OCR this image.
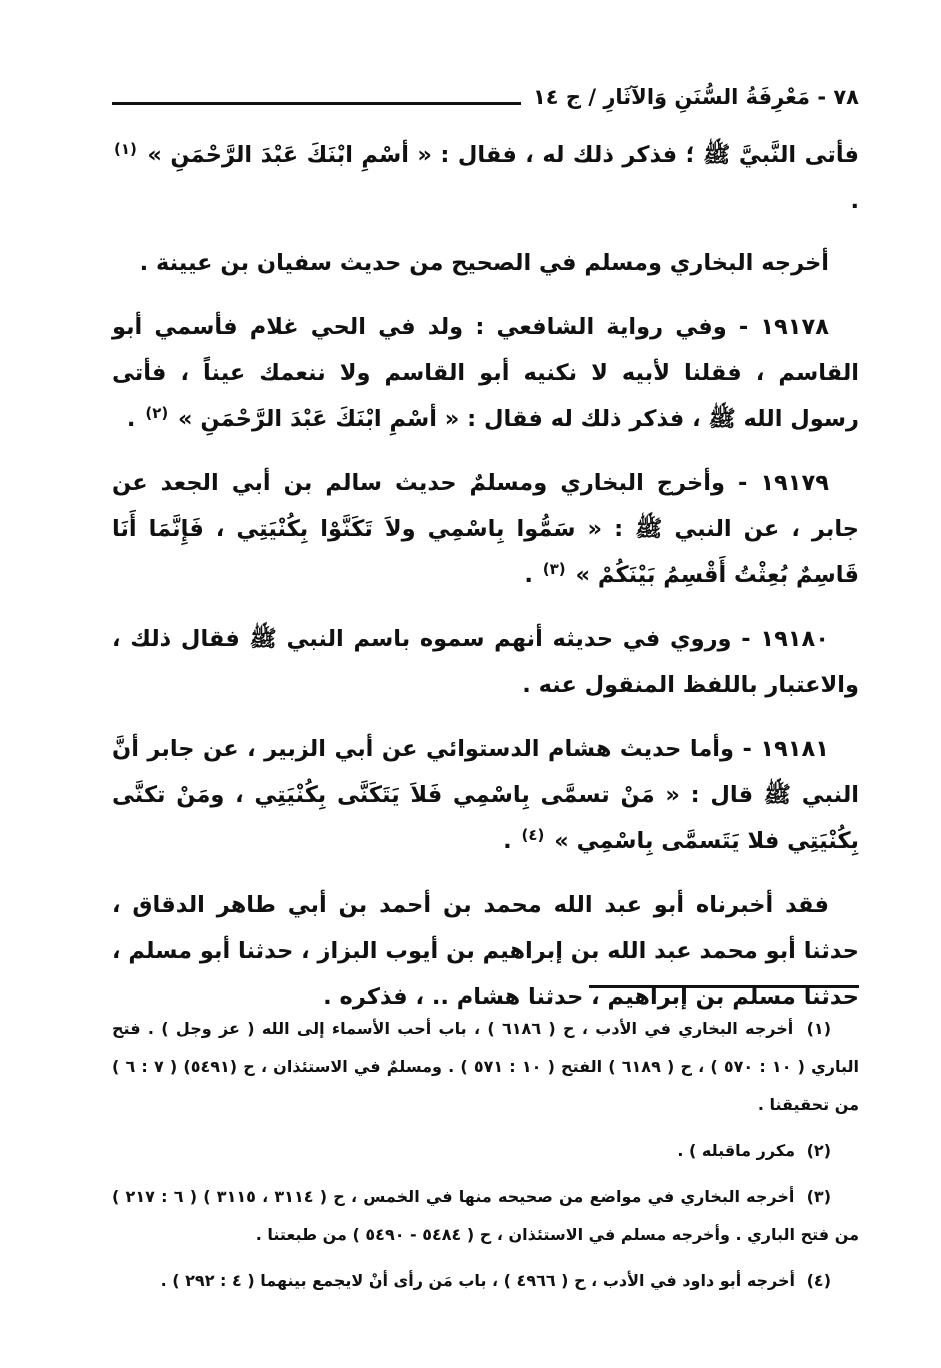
٧٨ - مَعْرِفَةُ السُّنَنِ وَالآثَارِ / ج ١٤

فأتى النَّبيَّ ﷺ ؛ فذكر ذلك له ، فقال : « أسْمِ ابْنَكَ عَبْدَ الرَّحْمَنِ » $^{(١)}$ .

أخرجه البخاري ومسلم في الصحيح من حديث سفيان بن عيينة .

١٩١٧٨ - وفي رواية الشافعي : ولد في الحي غلام فأسمي أبو القاسم ، فقلنا لأبيه لا نكنيه أبو القاسم ولا ننعمك عيناً ، فأتى رسول الله ﷺ ، فذكر ذلك له فقال : « أسْمِ ابْنَكَ عَبْدَ الرَّحْمَنِ » $^{(٢)}$ .

١٩١٧٩ - وأخرج البخاري ومسلمٌ حديث سالم بن أبي الجعد عن جابر ، عن النبي ﷺ : « سَمُّوا بِاسْمِي ولاَ تَكَنَّوْا بِكُنْيَتِي ، فَإِنَّمَا أَنَا قَاسِمٌ بُعِثْتُ أَقْسِمُ بَيْنَكُمْ » $^{(٣)}$ .

١٩١٨٠ - وروي في حديثه أنهم سموه باسم النبي ﷺ فقال ذلك ، والاعتبار باللفظ المنقول عنه .

١٩١٨١ - وأما حديث هشام الدستوائي عن أبي الزبير ، عن جابر أنَّ النبي ﷺ قال : « مَنْ تسمَّى بِاسْمِي فَلاَ يَتَكَنَّى بِكُنْيَتِي ، ومَنْ تكنَّى بِكُنْيَتِي فلا يَتَسمَّى بِاسْمِي » $^{(٤)}$ .

فقد أخبرناه أبو عبد الله محمد بن أحمد بن أبي طاهر الدقاق ، حدثنا أبو محمد عبد الله بن إبراهيم بن أيوب البزاز ، حدثنا أبو مسلم ، حدثنا مسلم بن إبراهيم ، حدثنا هشام .. ، فذكره .

(١) أخرجه البخاري في الأدب ، ح ( ٦١٨٦ ) ، باب أحب الأسماء إلى الله ( عز وجل ) . فتح الباري ( ١٠ : ٥٧٠ ) ، ح ( ٦١٨٩ ) الفتح ( ١٠ : ٥٧١ ) . ومسلمٌ في الاستئذان ، ح (٥٤٩١) ( ٧ : ٦ ) من تحقيقنا .

(٢) مكرر ماقبله ) .

(٣) أخرجه البخاري في مواضع من صحيحه منها في الخمس ، ح ( ٣١١٤ ، ٣١١٥ ) ( ٦ : ٢١٧ ) من فتح الباري . وأخرجه مسلم في الاستئذان ، ح ( ٥٤٨٤ - ٥٤٩٠ ) من طبعتنا .

(٤) أخرجه أبو داود في الأدب ، ح ( ٤٩٦٦ ) ، باب مَن رأى أنْ لايجمع بينهما ( ٤ : ٢٩٢ ) .
